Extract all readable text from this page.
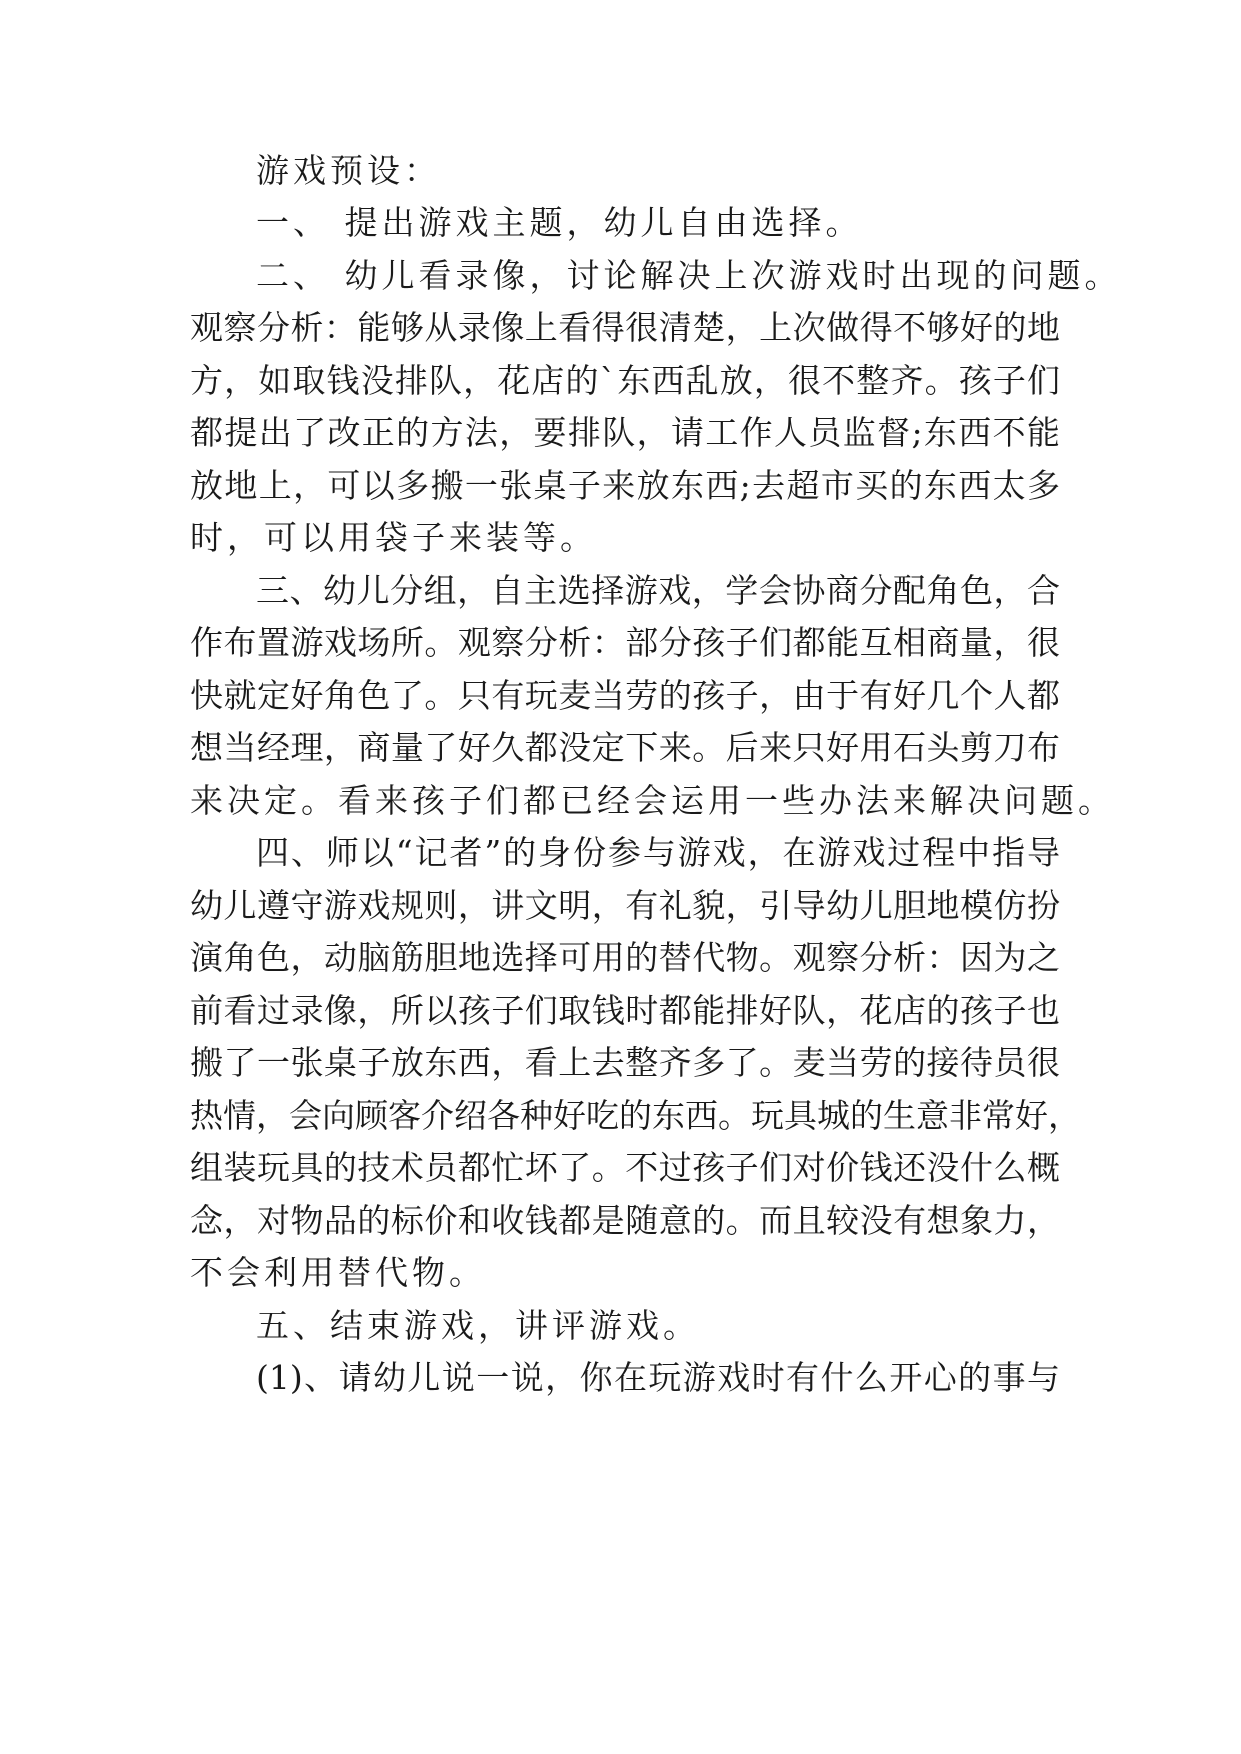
游戏预设：
一、 提出游戏主题，幼儿自由选择。
二、 幼儿看录像，讨论解决上次游戏时出现的问题。
观察分析：能够从录像上看得很清楚，上次做得不够好的地
方，如取钱没排队，花店的`东西乱放，很不整齐。孩子们
都提出了改正的方法，要排队，请工作人员监督;东西不能
放地上，可以多搬一张桌子来放东西;去超市买的东西太多
时，可以用袋子来装等。
三、幼儿分组，自主选择游戏，学会协商分配角色，合
作布置游戏场所。观察分析：部分孩子们都能互相商量，很
快就定好角色了。只有玩麦当劳的孩子，由于有好几个人都
想当经理，商量了好久都没定下来。后来只好用石头剪刀布
来决定。看来孩子们都已经会运用一些办法来解决问题。
四、师以“记者”的身份参与游戏，在游戏过程中指导
幼儿遵守游戏规则，讲文明，有礼貌，引导幼儿胆地模仿扮
演角色，动脑筋胆地选择可用的替代物。观察分析：因为之
前看过录像，所以孩子们取钱时都能排好队，花店的孩子也
搬了一张桌子放东西，看上去整齐多了。麦当劳的接待员很
热情，会向顾客介绍各种好吃的东西。玩具城的生意非常好，
组装玩具的技术员都忙坏了。不过孩子们对价钱还没什么概
念，对物品的标价和收钱都是随意的。而且较没有想象力，
不会利用替代物。
五、结束游戏，讲评游戏。
(1)、请幼儿说一说，你在玩游戏时有什么开心的事与
